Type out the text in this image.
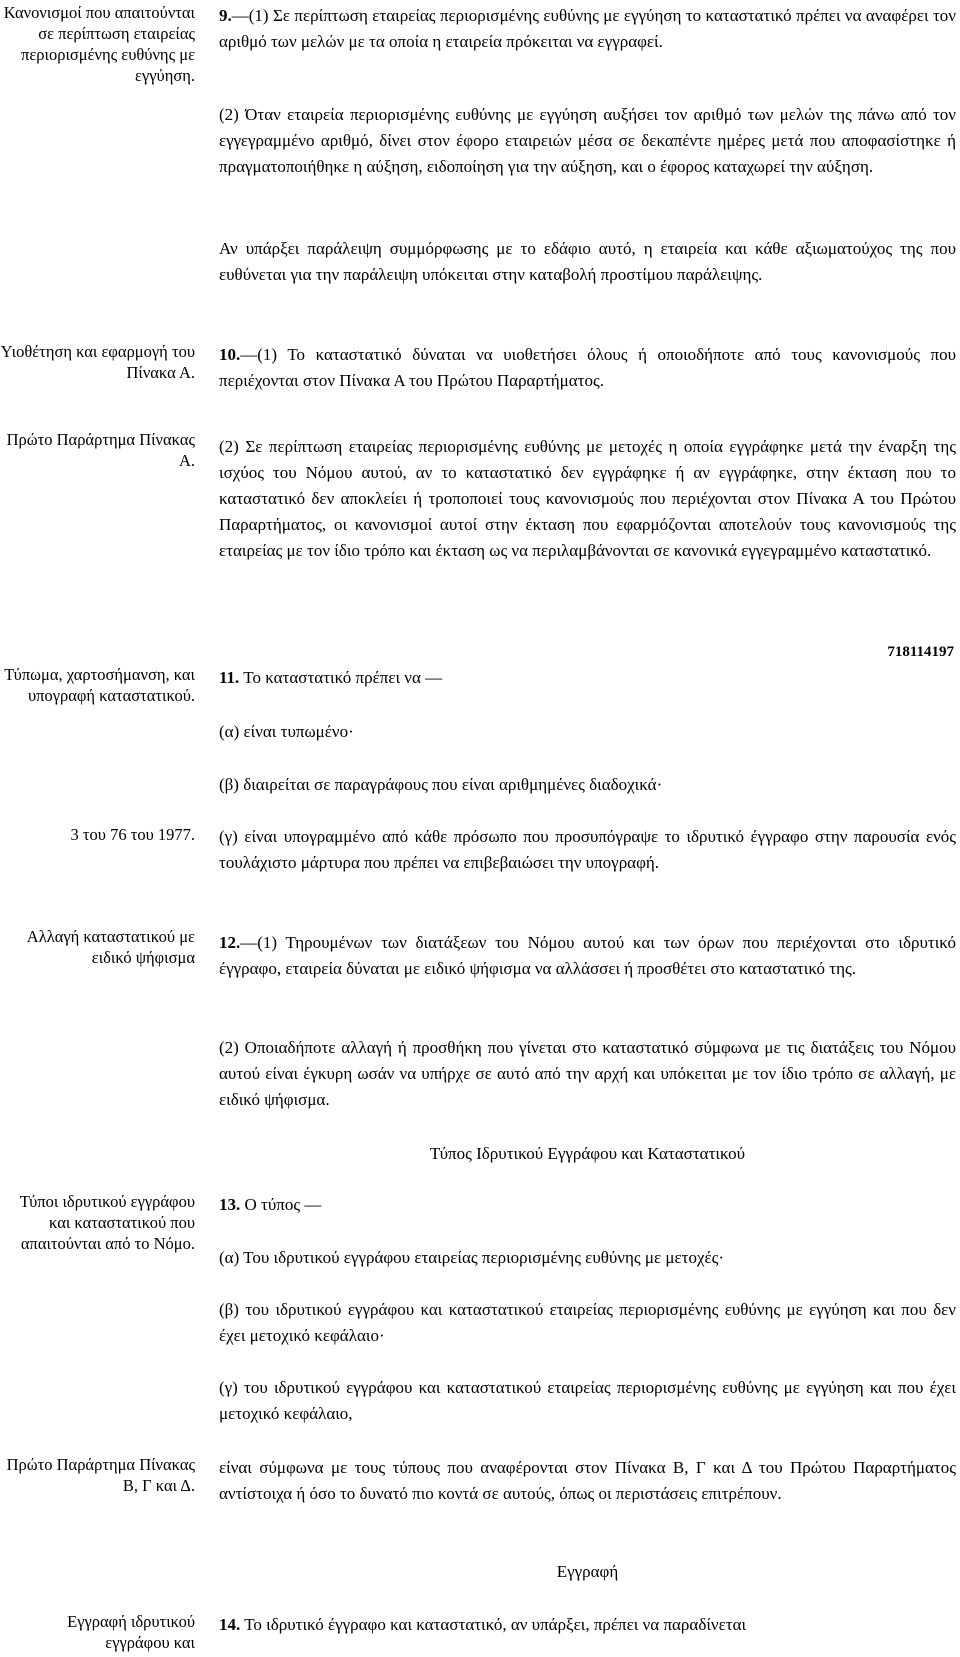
Κανονισμοί που απαιτούνται σε περίπτωση εταιρείας περιορισμένης ευθύνης με εγγύηση.

Υιοθέτηση και εφαρμογή του Πίνακα Α.

Πρώτο Παράρτημα Πίνακας Α.

Τύπωμα, χαρτοσήμανση, και υπογραφή καταστατικού.

3 του 76 του 1977.

Αλλαγή καταστατικού με ειδικό ψήφισμα

Τύποι ιδρυτικού εγγράφου και καταστατικού που απαιτούνται από το Νόμο.

Πρώτο Παράρτημα Πίνακας Β, Γ και Δ.

Εγγραφή ιδρυτικού εγγράφου και

9.—(1) Σε περίπτωση εταιρείας περιορισμένης ευθύνης με εγγύηση το καταστατικό πρέπει να αναφέρει τον αριθμό των μελών με τα οποία η εταιρεία πρόκειται να εγγραφεί.

(2) Όταν εταιρεία περιορισμένης ευθύνης με εγγύηση αυξήσει τον αριθμό των μελών της πάνω από τον εγγεγραμμένο αριθμό, δίνει στον έφορο εταιρειών μέσα σε δεκαπέντε ημέρες μετά που αποφασίστηκε ή πραγματοποιήθηκε η αύξηση, ειδοποίηση για την αύξηση, και ο έφορος καταχωρεί την αύξηση.

Αν υπάρξει παράλειψη συμμόρφωσης με το εδάφιο αυτό, η εταιρεία και κάθε αξιωματούχος της που ευθύνεται για την παράλειψη υπόκειται στην καταβολή προστίμου παράλειψης.

10.—(1) Το καταστατικό δύναται να υιοθετήσει όλους ή οποιοδήποτε από τους κανονισμούς που περιέχονται στον Πίνακα Α του Πρώτου Παραρτήματος.

(2) Σε περίπτωση εταιρείας περιορισμένης ευθύνης με μετοχές η οποία εγγράφηκε μετά την έναρξη της ισχύος του Νόμου αυτού, αν το καταστατικό δεν εγγράφηκε ή αν εγγράφηκε, στην έκταση που το καταστατικό δεν αποκλείει ή τροποποιεί τους κανονισμούς που περιέχονται στον Πίνακα Α του Πρώτου Παραρτήματος, οι κανονισμοί αυτοί στην έκταση που εφαρμόζονται αποτελούν τους κανονισμούς της εταιρείας με τον ίδιο τρόπο και έκταση ως να περιλαμβάνονται σε κανονικά εγγεγραμμένο καταστατικό.

718114197

11. Το καταστατικό πρέπει να —

(α) είναι τυπωμένο·

(β) διαιρείται σε παραγράφους που είναι αριθμημένες διαδοχικά·

(γ) είναι υπογραμμένο από κάθε πρόσωπο που προσυπόγραψε το ιδρυτικό έγγραφο στην παρουσία ενός τουλάχιστο μάρτυρα που πρέπει να επιβεβαιώσει την υπογραφή.

12.—(1) Τηρουμένων των διατάξεων του Νόμου αυτού και των όρων που περιέχονται στο ιδρυτικό έγγραφο, εταιρεία δύναται με ειδικό ψήφισμα να αλλάσσει ή προσθέτει στο καταστατικό της.

(2) Οποιαδήποτε αλλαγή ή προσθήκη που γίνεται στο καταστατικό σύμφωνα με τις διατάξεις του Νόμου αυτού είναι έγκυρη ωσάν να υπήρχε σε αυτό από την αρχή και υπόκειται με τον ίδιο τρόπο σε αλλαγή, με ειδικό ψήφισμα.

Τύπος Ιδρυτικού Εγγράφου και Καταστατικού

13. Ο τύπος —

(α) Του ιδρυτικού εγγράφου εταιρείας περιορισμένης ευθύνης με μετοχές·

(β) του ιδρυτικού εγγράφου και καταστατικού εταιρείας περιορισμένης ευθύνης με εγγύηση και που δεν έχει μετοχικό κεφάλαιο·

(γ) του ιδρυτικού εγγράφου και καταστατικού εταιρείας περιορισμένης ευθύνης με εγγύηση και που έχει μετοχικό κεφάλαιο,

είναι σύμφωνα με τους τύπους που αναφέρονται στον Πίνακα Β, Γ και Δ του Πρώτου Παραρτήματος αντίστοιχα ή όσο το δυνατό πιο κοντά σε αυτούς, όπως οι περιστάσεις επιτρέπουν.

Εγγραφή

14. Το ιδρυτικό έγγραφο και καταστατικό, αν υπάρξει, πρέπει να παραδίνεται
